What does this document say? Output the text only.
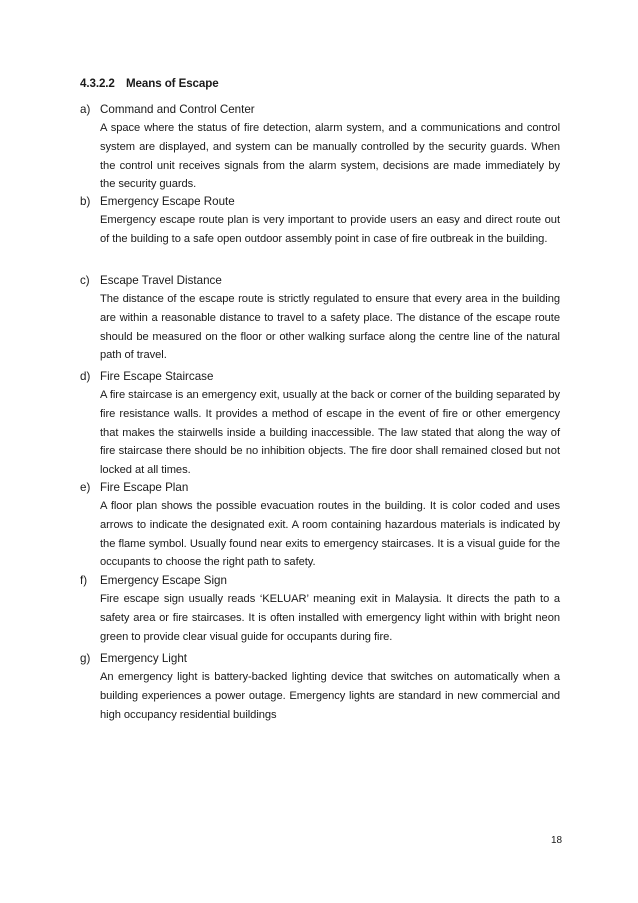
4.3.2.2 Means of Escape
a) Command and Control Center
A space where the status of fire detection, alarm system, and a communications and control system are displayed, and system can be manually controlled by the security guards. When the control unit receives signals from the alarm system, decisions are made immediately by the security guards.
b) Emergency Escape Route
Emergency escape route plan is very important to provide users an easy and direct route out of the building to a safe open outdoor assembly point in case of fire outbreak in the building.
c) Escape Travel Distance
The distance of the escape route is strictly regulated to ensure that every area in the building are within a reasonable distance to travel to a safety place. The distance of the escape route should be measured on the floor or other walking surface along the centre line of the natural path of travel.
d) Fire Escape Staircase
A fire staircase is an emergency exit, usually at the back or corner of the building separated by fire resistance walls. It provides a method of escape in the event of fire or other emergency that makes the stairwells inside a building inaccessible. The law stated that along the way of fire staircase there should be no inhibition objects. The fire door shall remained closed but not locked at all times.
e) Fire Escape Plan
A floor plan shows the possible evacuation routes in the building. It is color coded and uses arrows to indicate the designated exit. A room containing hazardous materials is indicated by the flame symbol. Usually found near exits to emergency staircases. It is a visual guide for the occupants to choose the right path to safety.
f) Emergency Escape Sign
Fire escape sign usually reads ‘KELUAR’ meaning exit in Malaysia. It directs the path to a safety area or fire staircases. It is often installed with emergency light within with bright neon green to provide clear visual guide for occupants during fire.
g) Emergency Light
An emergency light is battery-backed lighting device that switches on automatically when a building experiences a power outage. Emergency lights are standard in new commercial and high occupancy residential buildings
18
